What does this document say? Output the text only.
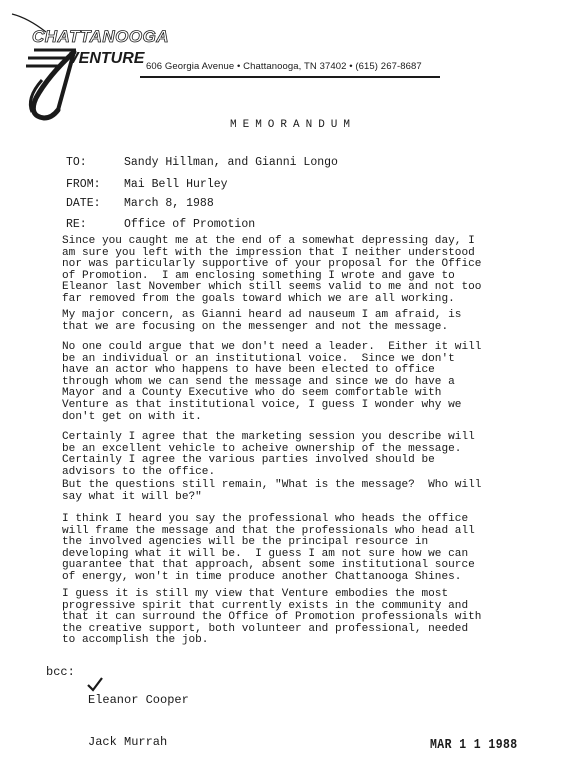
CHATTANOOGA
VENTURE 606 Georgia Avenue • Chattanooga, TN 37402 • (615) 267-8687
MEMORANDUM
TO:	Sandy Hillman, and Gianni Longo
FROM: Mai Bell Hurley
DATE: March 8, 1988
RE:	Office of Promotion
Since you caught me at the end of a somewhat depressing day, I
am sure you left with the impression that I neither understood
nor was particularly supportive of your proposal for the Office
of Promotion.  I am enclosing something I wrote and gave to
Eleanor last November which still seems valid to me and not too
far removed from the goals toward which we are all working.
My major concern, as Gianni heard ad nauseum I am afraid, is
that we are focusing on the messenger and not the message.
No one could argue that we don't need a leader.  Either it will
be an individual or an institutional voice.  Since we don't
have an actor who happens to have been elected to office
through whom we can send the message and since we do have a
Mayor and a County Executive who do seem comfortable with
Venture as that institutional voice, I guess I wonder why we
don't get on with it.
Certainly I agree that the marketing session you describe will
be an excellent vehicle to acheive ownership of the message.
Certainly I agree the various parties involved should be
advisors to the office.
But the questions still remain, "What is the message?  Who will
say what it will be?"
I think I heard you say the professional who heads the office
will frame the message and that the professionals who head all
the involved agencies will be the principal resource in
developing what it will be.  I guess I am not sure how we can
guarantee that that approach, absent some institutional source
of energy, won't in time produce another Chattanooga Shines.
I guess it is still my view that Venture embodies the most
progressive spirit that currently exists in the community and
that it can surround the Office of Promotion professionals with
the creative support, both volunteer and professional, needed
to accomplish the job.
bcc:

Eleanor Cooper

Jack Murrah	MAR 1 1 1988
